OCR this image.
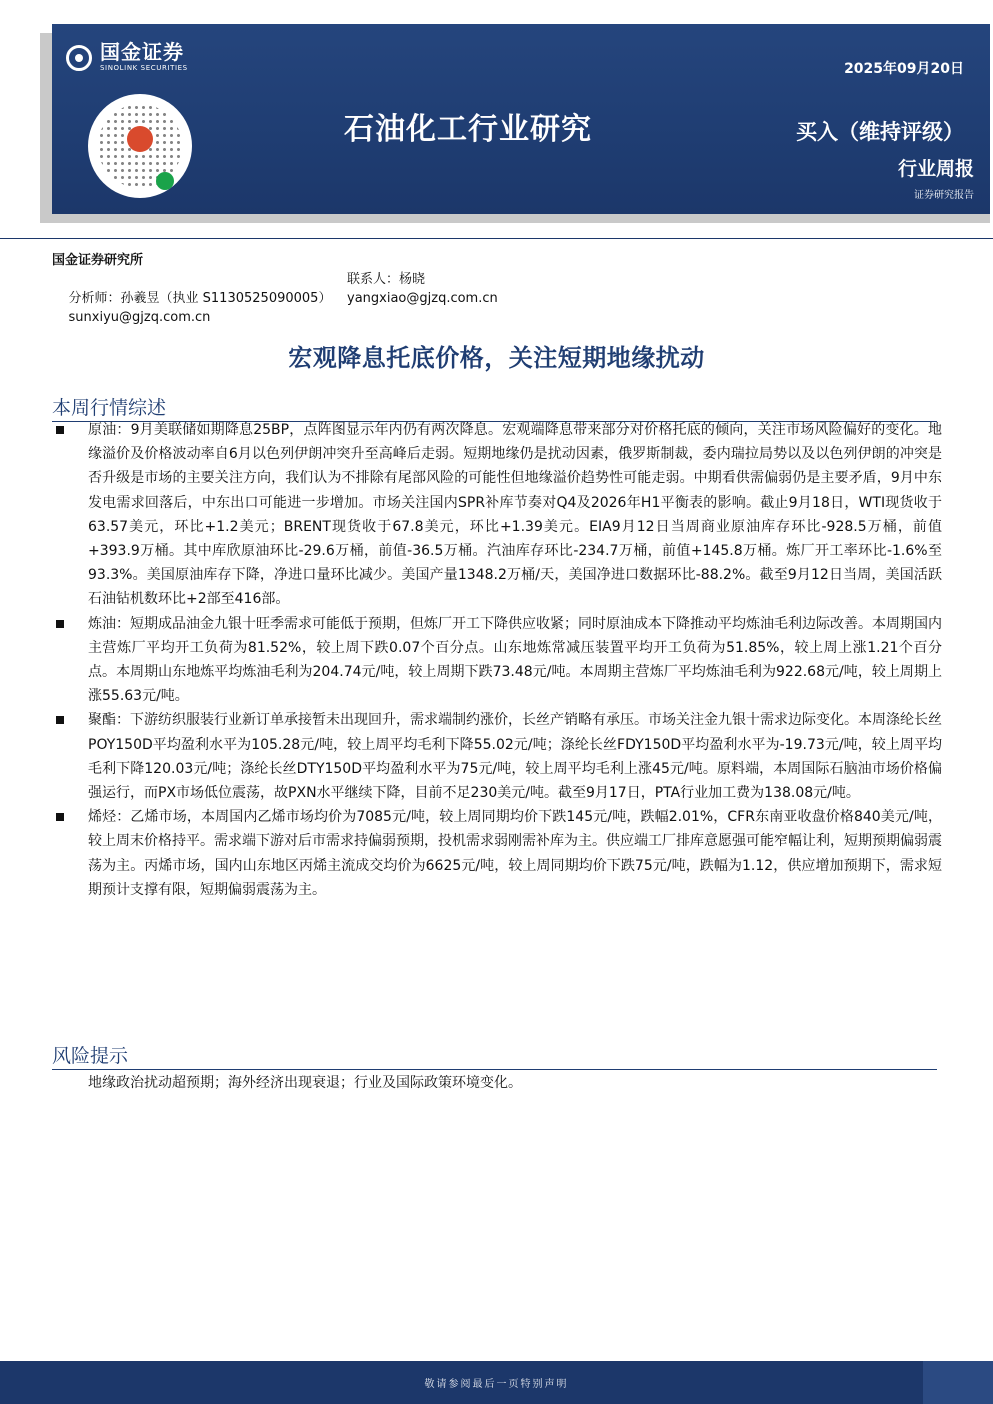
国金证券
SINOLINK SECURITIES	2025年09月20日
石油化工行业研究	买入（维持评级）
行业周报
证券研究报告
国金证券研究所

分析师：孙羲昱（执业 S1130525090005）

联系人：杨晓

sunxiyu@gjzq.com.cn

yangxiao@gjzq.com.cn

宏观降息托底价格，关注短期地缘扰动
本周行情综述
原油：9月美联储如期降息25BP，点阵图显示年内仍有两次降息。宏观端降息带来部分对价格托底的倾向，关注市场风险偏好的变化。地缘溢价及价格波动率自6月以色列伊朗冲突升至高峰后走弱。短期地缘仍是扰动因素，俄罗斯制裁，委内瑞拉局势以及以色列伊朗的冲突是否升级是市场的主要关注方向，我们认为不排除有尾部风险的可能性但地缘溢价趋势性可能走弱。中期看供需偏弱仍是主要矛盾，9月中东发电需求回落后，中东出口可能进一步增加。市场关注国内SPR补库节奏对Q4及2026年H1平衡表的影响。截止9月18日，WTI现货收于63.57美元，环比+1.2美元；BRENT现货收于67.8美元，环比+1.39美元。EIA9月12日当周商业原油库存环比-928.5万桶，前值+393.9万桶。其中库欣原油环比-29.6万桶，前值-36.5万桶。汽油库存环比-234.7万桶，前值+145.8万桶。炼厂开工率环比-1.6%至93.3%。美国原油库存下降，净进口量环比减少。美国产量1348.2万桶/天，美国净进口数据环比-88.2%。截至9月12日当周，美国活跃石油钻机数环比+2部至416部。
炼油：短期成品油金九银十旺季需求可能低于预期，但炼厂开工下降供应收紧；同时原油成本下降推动平均炼油毛利边际改善。本周期国内主营炼厂平均开工负荷为81.52%，较上周下跌0.07个百分点。山东地炼常减压装置平均开工负荷为51.85%，较上周上涨1.21个百分点。本周期山东地炼平均炼油毛利为204.74元/吨，较上周期下跌73.48元/吨。本周期主营炼厂平均炼油毛利为922.68元/吨，较上周期上涨55.63元/吨。
聚酯：下游纺织服装行业新订单承接暂未出现回升，需求端制约涨价，长丝产销略有承压。市场关注金九银十需求边际变化。本周涤纶长丝POY150D平均盈利水平为105.28元/吨，较上周平均毛利下降55.02元/吨；涤纶长丝FDY150D平均盈利水平为-19.73元/吨，较上周平均毛利下降120.03元/吨；涤纶长丝DTY150D平均盈利水平为75元/吨，较上周平均毛利上涨45元/吨。原料端，本周国际石脑油市场价格偏强运行，而PX市场低位震荡，故PXN水平继续下降，目前不足230美元/吨。截至9月17日，PTA行业加工费为138.08元/吨。
烯烃：乙烯市场，本周国内乙烯市场均价为7085元/吨，较上周同期均价下跌145元/吨，跌幅2.01%，CFR东南亚收盘价格840美元/吨，较上周末价格持平。需求端下游对后市需求持偏弱预期，投机需求弱刚需补库为主。供应端工厂排库意愿强可能窄幅让利，短期预期偏弱震荡为主。丙烯市场，国内山东地区丙烯主流成交均价为6625元/吨，较上周同期均价下跌75元/吨，跌幅为1.12，供应增加预期下，需求短期预计支撑有限，短期偏弱震荡为主。
风险提示
地缘政治扰动超预期；海外经济出现衰退；行业及国际政策环境变化。
敬请参阅最后一页特别声明
